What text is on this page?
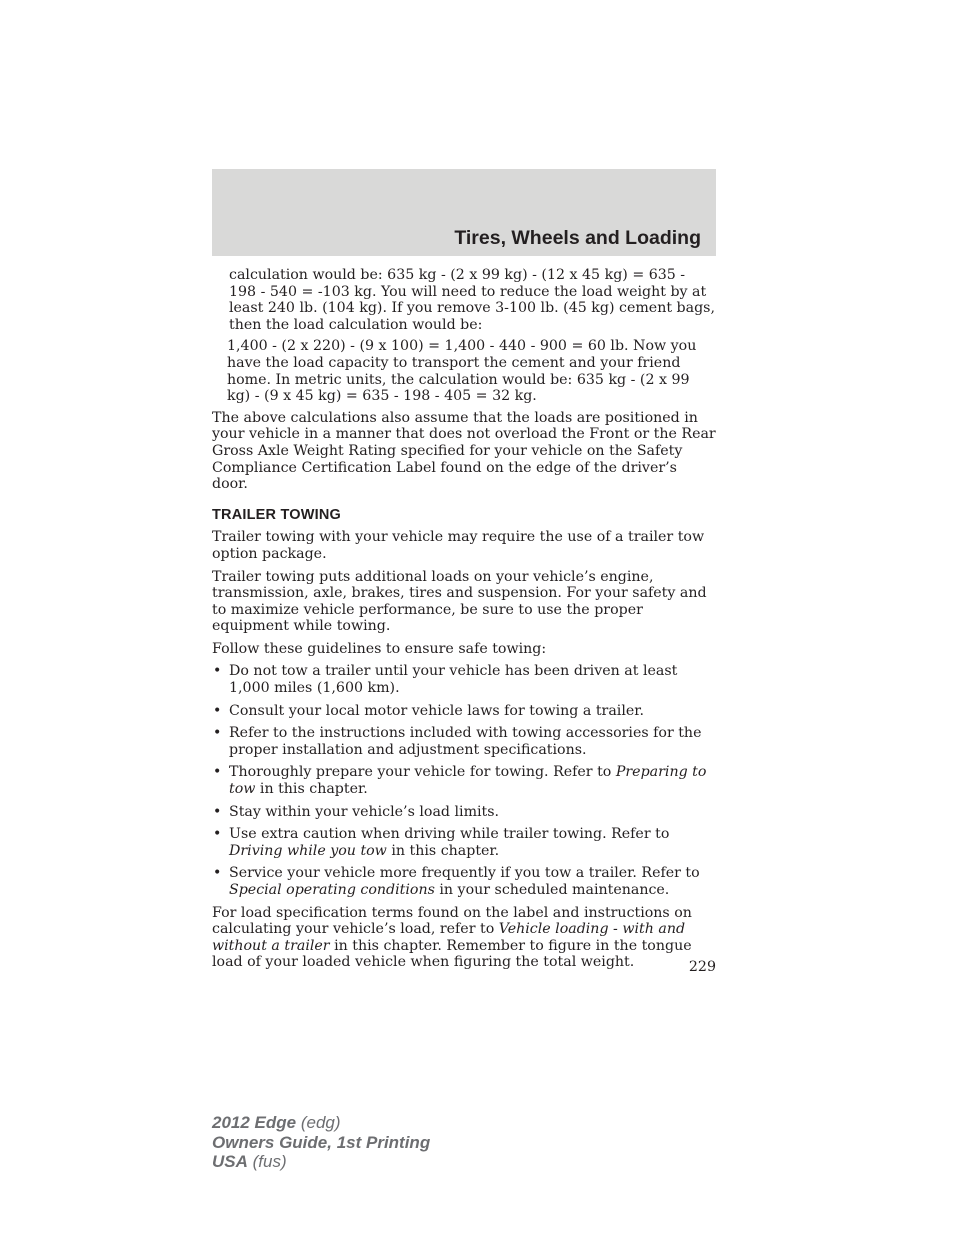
Tires, Wheels and Loading

calculation would be: 635 kg - (2 x 99 kg) - (12 x 45 kg) = 635 - 198 - 540 = -103 kg. You will need to reduce the load weight by at least 240 lb. (104 kg). If you remove 3-100 lb. (45 kg) cement bags, then the load calculation would be:

1,400 - (2 x 220) - (9 x 100) = 1,400 - 440 - 900 = 60 lb. Now you have the load capacity to transport the cement and your friend home. In metric units, the calculation would be: 635 kg - (2 x 99 kg) - (9 x 45 kg) = 635 - 198 - 405 = 32 kg.

The above calculations also assume that the loads are positioned in your vehicle in a manner that does not overload the Front or the Rear Gross Axle Weight Rating specified for your vehicle on the Safety Compliance Certification Label found on the edge of the driver’s door.

TRAILER TOWING

Trailer towing with your vehicle may require the use of a trailer tow option package.

Trailer towing puts additional loads on your vehicle’s engine, transmission, axle, brakes, tires and suspension. For your safety and to maximize vehicle performance, be sure to use the proper equipment while towing.

Follow these guidelines to ensure safe towing:

• Do not tow a trailer until your vehicle has been driven at least 1,000 miles (1,600 km).
• Consult your local motor vehicle laws for towing a trailer.
• Refer to the instructions included with towing accessories for the proper installation and adjustment specifications.
• Thoroughly prepare your vehicle for towing. Refer to Preparing to tow in this chapter.
• Stay within your vehicle’s load limits.
• Use extra caution when driving while trailer towing. Refer to Driving while you tow in this chapter.
• Service your vehicle more frequently if you tow a trailer. Refer to Special operating conditions in your scheduled maintenance.

For load specification terms found on the label and instructions on calculating your vehicle’s load, refer to Vehicle loading - with and without a trailer in this chapter. Remember to figure in the tongue load of your loaded vehicle when figuring the total weight.	229
2012 Edge (edg)
Owners Guide, 1st Printing
USA (fus)
